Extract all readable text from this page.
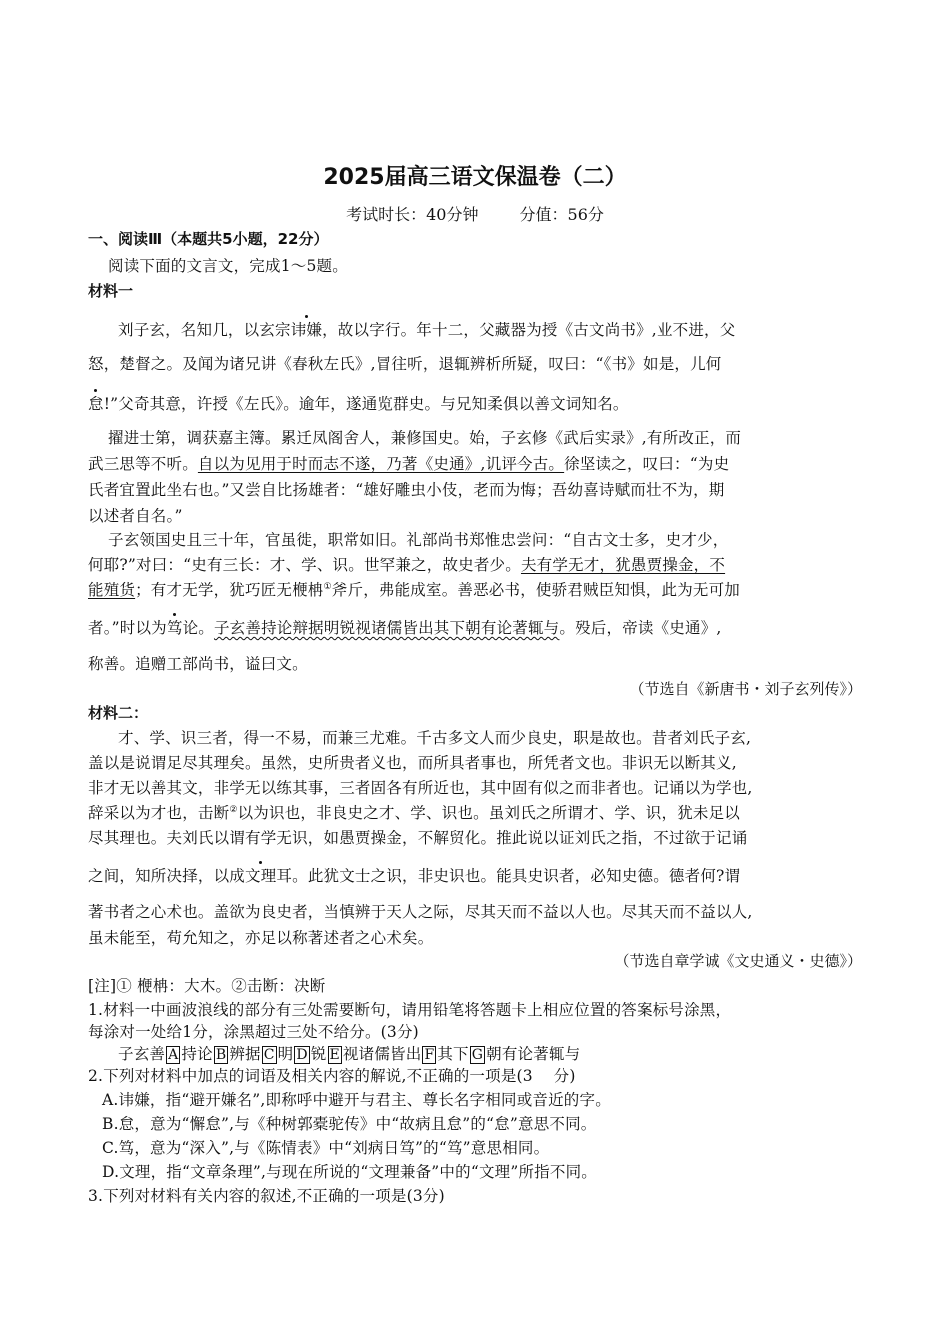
2025届高三语文保温卷（二）
考试时长：40分钟	分值：56分
一、阅读Ⅲ（本题共5小题，22分）
阅读下面的文言文，完成1～5题。
材料一
刘子玄，名知几，以玄宗讳嫌，故以字行。年十二，父藏器为授《古文尚书》,业不进，父
怒，楚督之。及闻为诸兄讲《春秋左氏》,冒往听，退辄辨析所疑，叹曰：“《书》如是，儿何
怠!”父奇其意，许授《左氏》。逾年，遂通览群史。与兄知柔俱以善文词知名。
擢进士第，调获嘉主簿。累迁凤阁舍人，兼修国史。始，子玄修《武后实录》,有所改正，而
武三思等不听。自以为见用于时而志不遂，乃著《史通》,讥评今古。徐坚读之，叹曰：“为史
氏者宜置此坐右也。”又尝自比扬雄者：“雄好雕虫小伎，老而为悔；吾幼喜诗赋而壮不为，期
以述者自名。”
子玄领国史且三十年，官虽徙，职常如旧。礼部尚书郑惟忠尝问：“自古文士多，史才少，
何耶?”对曰：“史有三长：才、学、识。世罕兼之，故史者少。夫有学无才，犹愚贾操金，不
能殖货；有才无学，犹巧匠无楩柟①斧斤，弗能成室。善恶必书，使骄君贼臣知惧，此为无可加
者。”时以为笃论。子玄善持论辩据明锐视诸儒皆出其下朝有论著辄与。殁后，帝读《史通》,
称善。追赠工部尚书，谥曰文。
（节选自《新唐书・刘子玄列传》）
材料二：
才、学、识三者，得一不易，而兼三尤难。千古多文人而少良史，职是故也。昔者刘氏子玄,
盖以是说谓足尽其理矣。虽然，史所贵者义也，而所具者事也，所凭者文也。非识无以断其义,
非才无以善其文，非学无以练其事，三者固各有所近也，其中固有似之而非者也。记诵以为学也,
辞采以为才也，击断②以为识也，非良史之才、学、识也。虽刘氏之所谓才、学、识，犹未足以
尽其理也。夫刘氏以谓有学无识，如愚贾操金，不解贸化。推此说以证刘氏之指，不过欲于记诵
之间，知所决择，以成文理耳。此犹文士之识，非史识也。能具史识者，必知史德。德者何?谓
著书者之心术也。盖欲为良史者，当慎辨于天人之际，尽其天而不益以人也。尽其天而不益以人,
虽未能至，苟允知之，亦足以称著述者之心术矣。
（节选自章学诚《文史通义・史德》）
[注]① 楩柟：大木。②击断：决断
1.材料一中画波浪线的部分有三处需要断句，请用铅笔将答题卡上相应位置的答案标号涂黑，
每涂对一处给1分，涂黑超过三处不给分。(3分)
子玄善 A 持论 B 辨据 C 明 D 锐 E 视诸儒皆出 F 其下 G 朝有论著辄与
2.下列对材料中加点的词语及相关内容的解说,不正确的一项是(3　 分)
A.讳嫌，指“避开嫌名”,即称呼中避开与君主、尊长名字相同或音近的字。
B.怠，意为“懈怠”,与《种树郭橐驼传》中“故病且怠”的“怠”意思不同。
C.笃，意为“深入”,与《陈情表》中“刘病日笃”的“笃”意思相同。
D.文理，指“文章条理”,与现在所说的“文理兼备”中的“文理”所指不同。
3.下列对材料有关内容的叙述,不正确的一项是(3分)
